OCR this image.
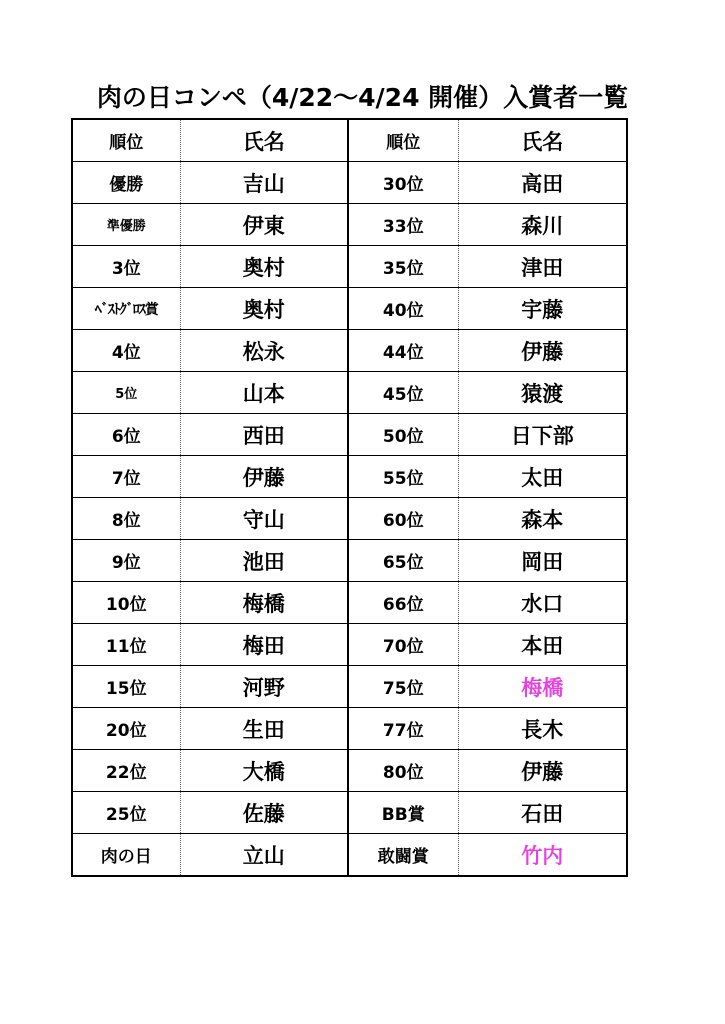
肉の日コンペ（4/22〜4/24 開催）入賞者一覧
順位	氏名	順位	氏名
優勝	吉山	30位	高田
準優勝	伊東	33位	森川
3位	奥村	35位	津田
ﾍﾞｽﾄｸﾞﾛｽ賞	奥村	40位	宇藤
4位	松永	44位	伊藤
5位	山本	45位	猿渡
6位	西田	50位	日下部
7位	伊藤	55位	太田
8位	守山	60位	森本
9位	池田	65位	岡田
10位	梅橋	66位	水口
11位	梅田	70位	本田
15位	河野	75位	梅橋
20位	生田	77位	長木
22位	大橋	80位	伊藤
25位	佐藤	BB賞	石田
肉の日	立山	敢闘賞	竹内
